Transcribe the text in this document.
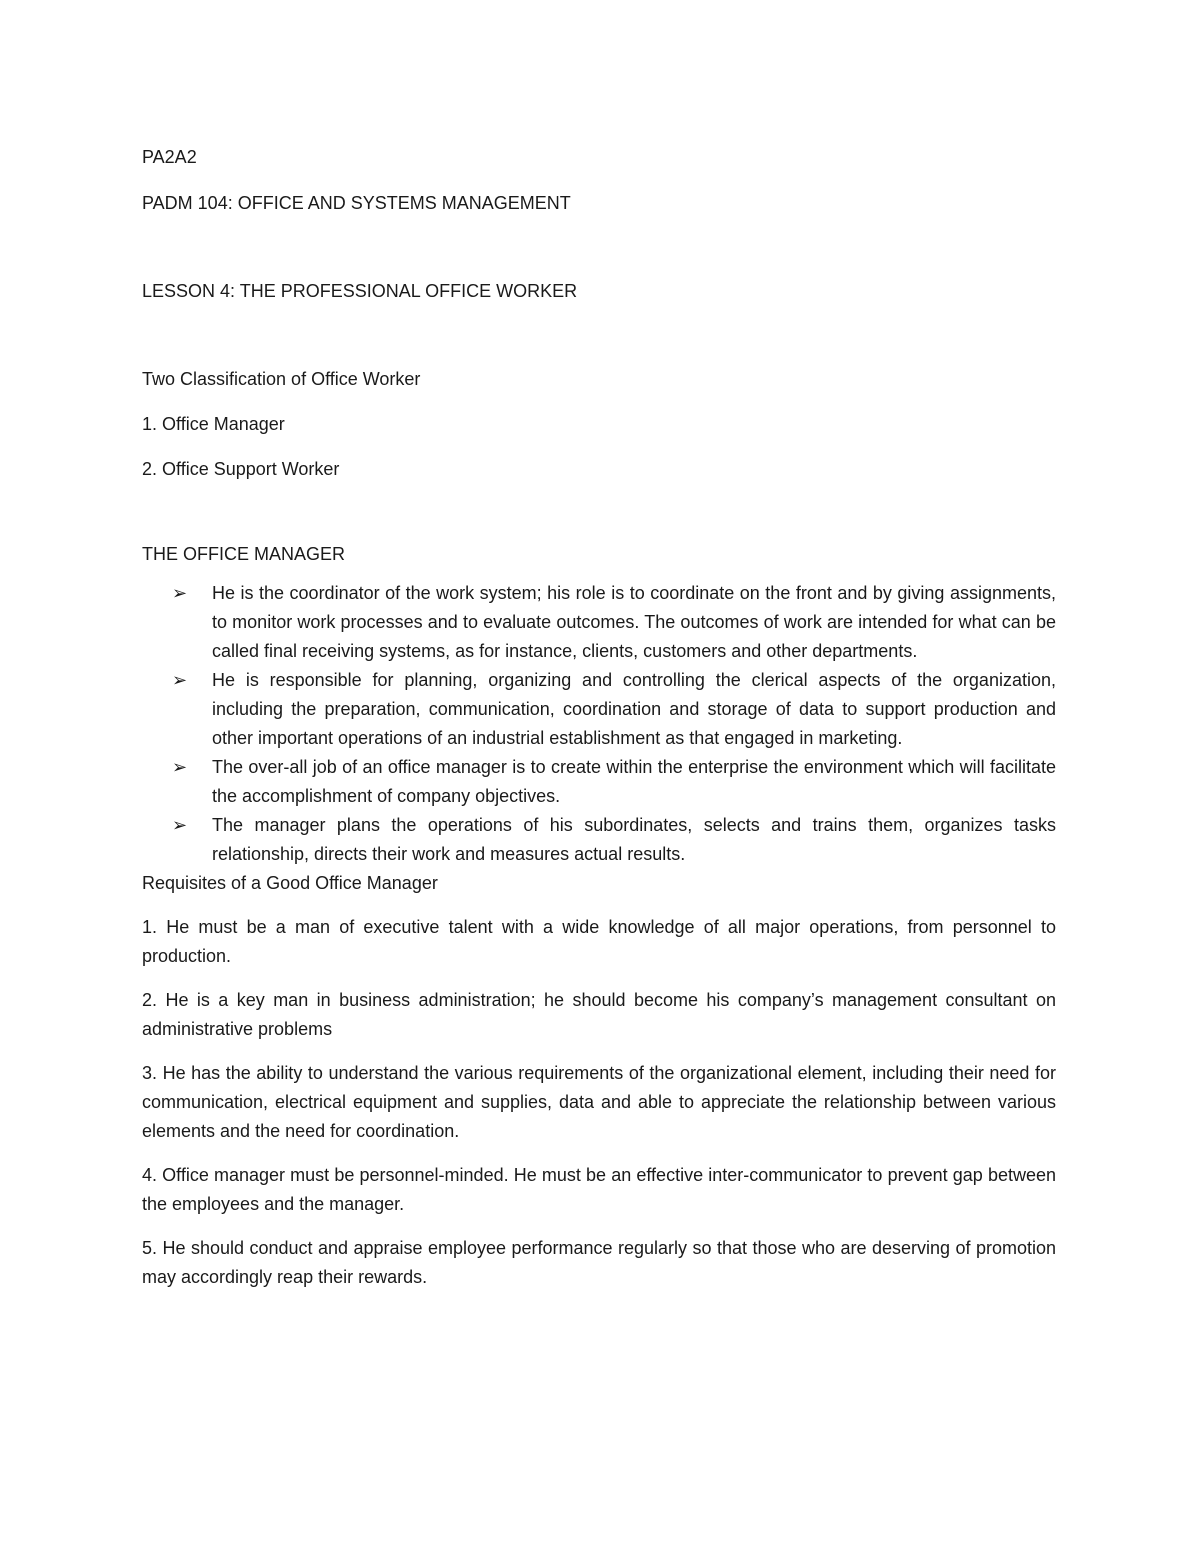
PA2A2

PADM 104: OFFICE AND SYSTEMS MANAGEMENT

LESSON 4: THE PROFESSIONAL OFFICE WORKER

Two Classification of Office Worker

1. Office Manager

2. Office Support Worker

THE OFFICE MANAGER

➢ He is the coordinator of the work system; his role is to coordinate on the front and by giving assignments, to monitor work processes and to evaluate outcomes. The outcomes of work are intended for what can be called final receiving systems, as for instance, clients, customers and other departments.
➢ He is responsible for planning, organizing and controlling the clerical aspects of the organization, including the preparation, communication, coordination and storage of data to support production and other important operations of an industrial establishment as that engaged in marketing.
➢ The over-all job of an office manager is to create within the enterprise the environment which will facilitate the accomplishment of company objectives.
➢ The manager plans the operations of his subordinates, selects and trains them, organizes tasks relationship, directs their work and measures actual results.

Requisites of a Good Office Manager

1. He must be a man of executive talent with a wide knowledge of all major operations, from personnel to production.

2. He is a key man in business administration; he should become his company’s management consultant on administrative problems

3. He has the ability to understand the various requirements of the organizational element, including their need for communication, electrical equipment and supplies, data and able to appreciate the relationship between various elements and the need for coordination.

4. Office manager must be personnel-minded. He must be an effective inter-communicator to prevent gap between the employees and the manager.

5. He should conduct and appraise employee performance regularly so that those who are deserving of promotion may accordingly reap their rewards.
